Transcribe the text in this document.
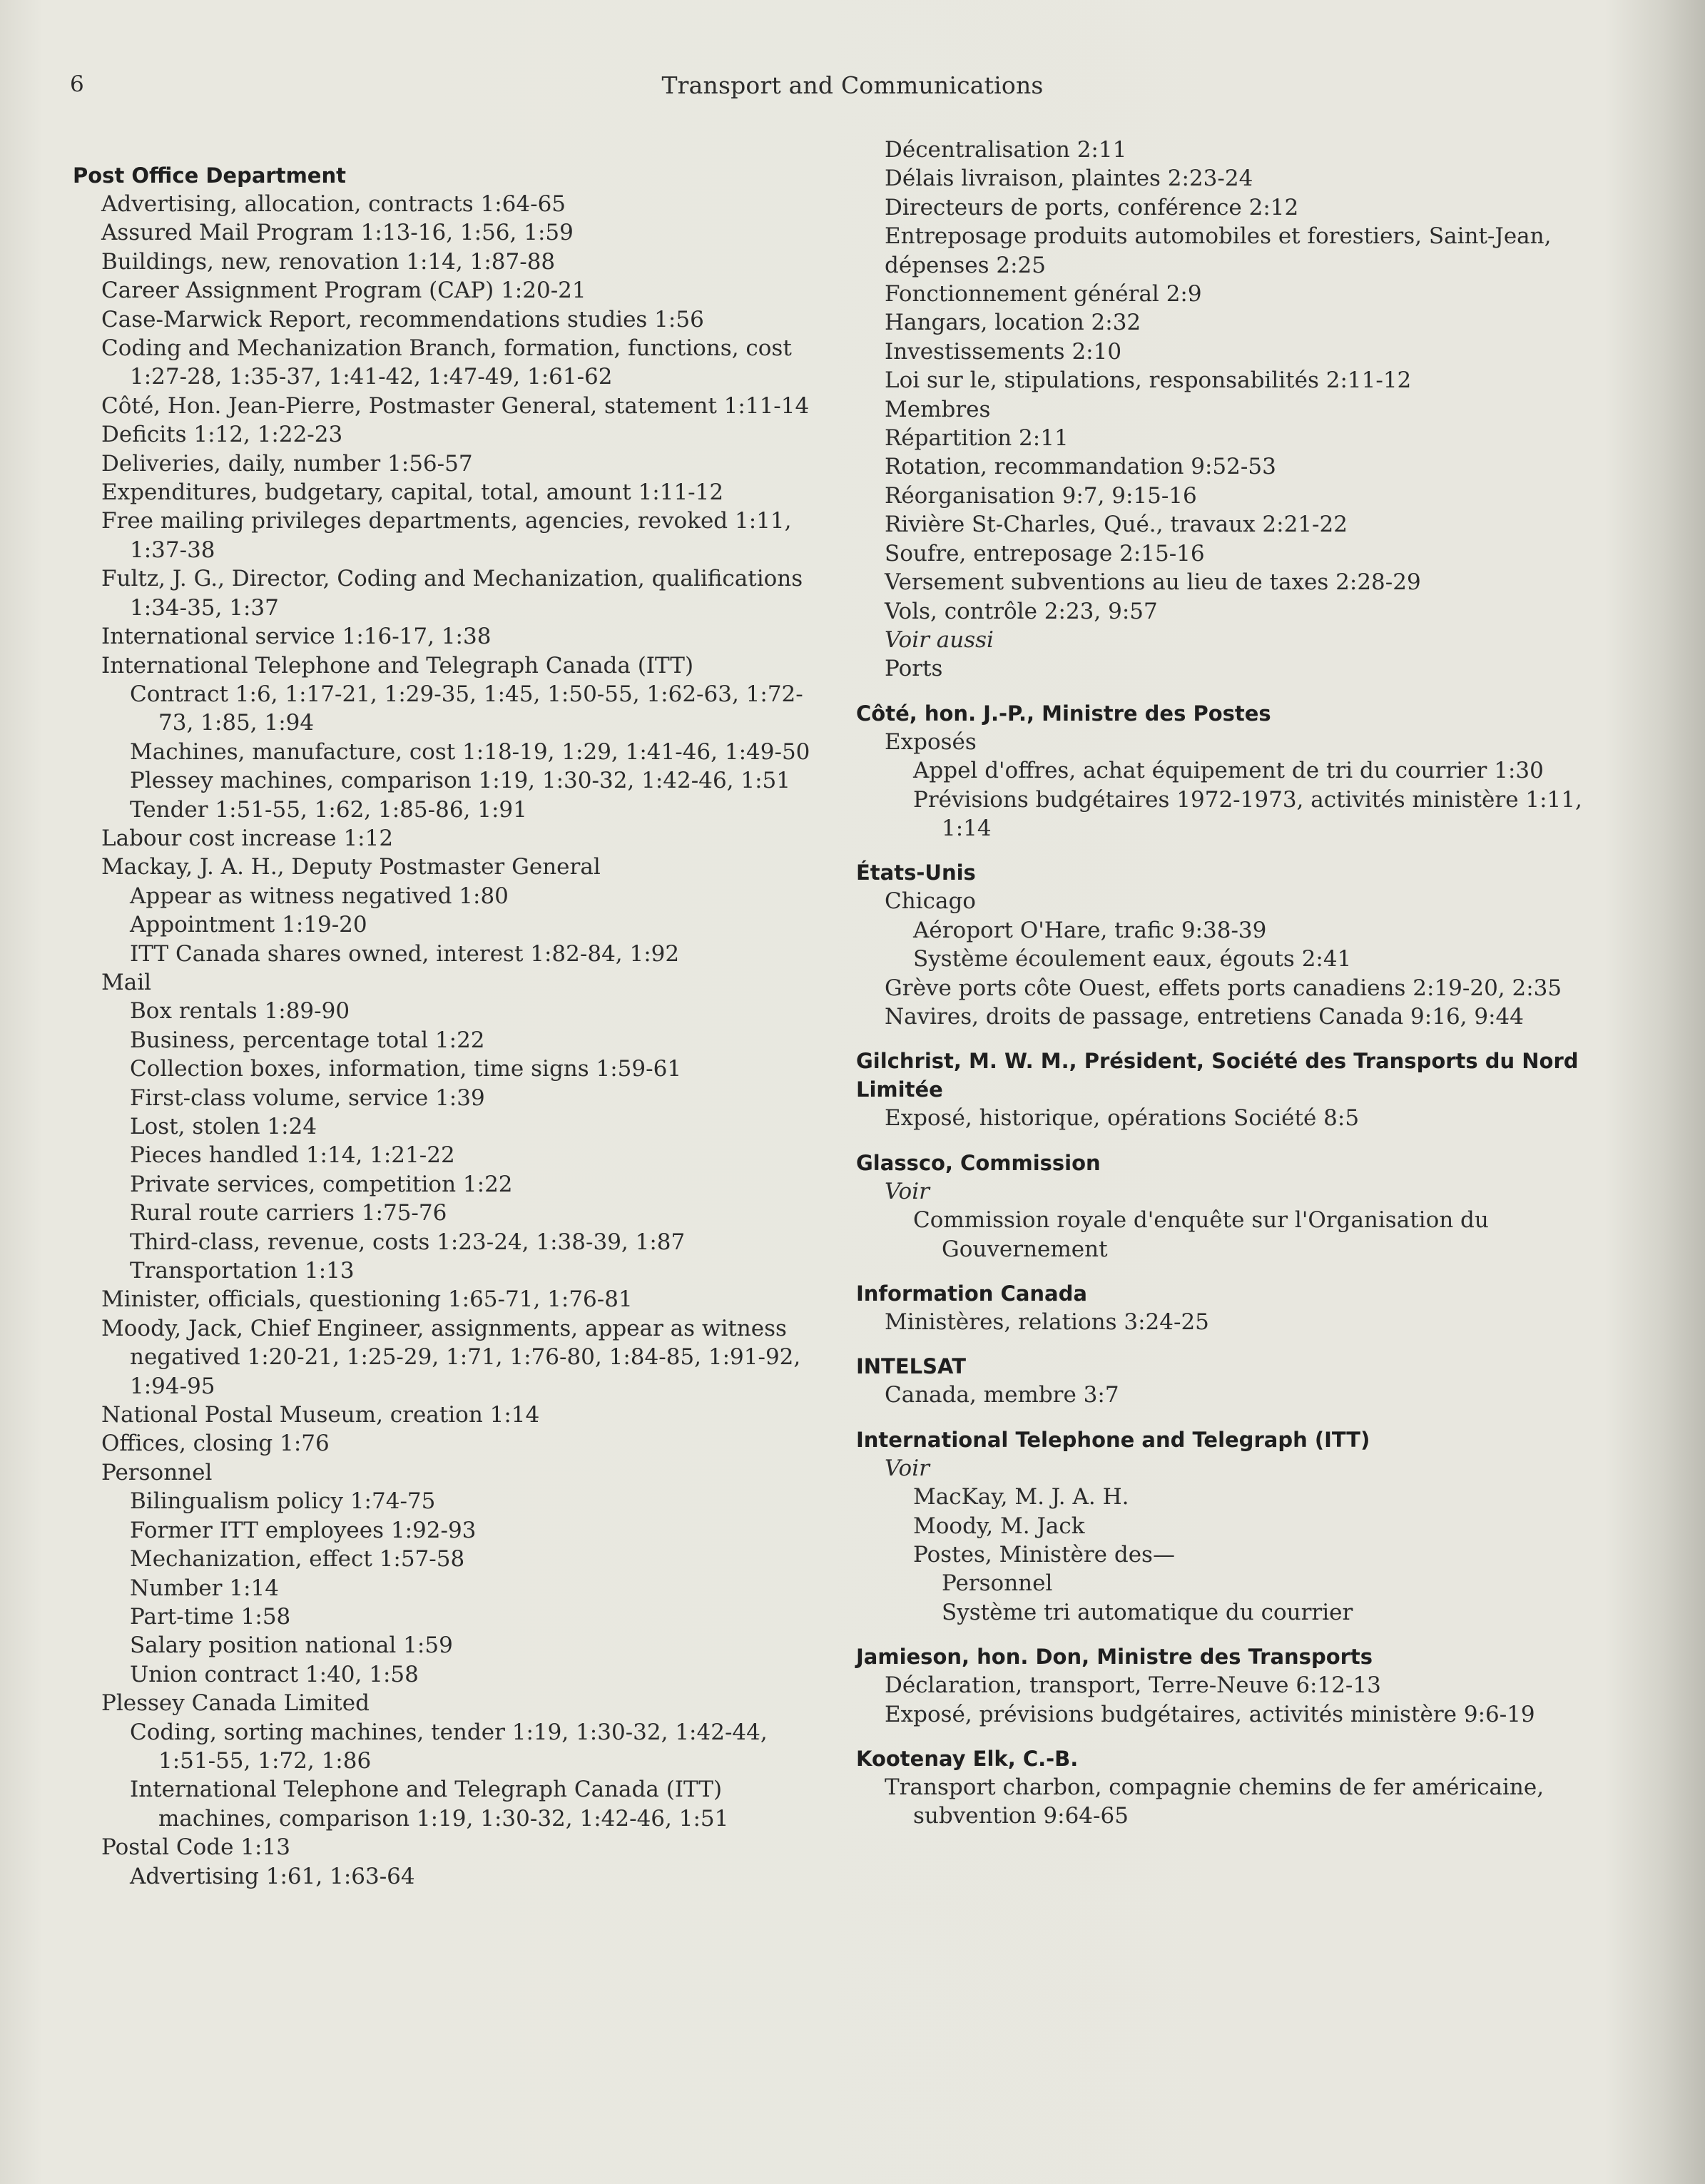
6	Transport and Communications

Post Office Department

Advertising, allocation, contracts 1:64-65

Assured Mail Program 1:13-16, 1:56, 1:59

Buildings, new, renovation 1:14, 1:87-88

Career Assignment Program (CAP) 1:20-21

Case-Marwick Report, recommendations studies 1:56

Coding and Mechanization Branch, formation, functions, cost 1:27-28, 1:35-37, 1:41-42, 1:47-49, 1:61-62

Côté, Hon. Jean-Pierre, Postmaster General, statement 1:11-14

Deficits 1:12, 1:22-23

Deliveries, daily, number 1:56-57

Expenditures, budgetary, capital, total, amount 1:11-12

Free mailing privileges departments, agencies, revoked 1:11, 1:37-38

Fultz, J. G., Director, Coding and Mechanization, qualifications 1:34-35, 1:37

International service 1:16-17, 1:38

International Telephone and Telegraph Canada (ITT)

Contract 1:6, 1:17-21, 1:29-35, 1:45, 1:50-55, 1:62-63, 1:72-73, 1:85, 1:94

Machines, manufacture, cost 1:18-19, 1:29, 1:41-46, 1:49-50

Plessey machines, comparison 1:19, 1:30-32, 1:42-46, 1:51

Tender 1:51-55, 1:62, 1:85-86, 1:91

Labour cost increase 1:12

Mackay, J. A. H., Deputy Postmaster General

Appear as witness negatived 1:80

Appointment 1:19-20

ITT Canada shares owned, interest 1:82-84, 1:92

Mail

Box rentals 1:89-90

Business, percentage total 1:22

Collection boxes, information, time signs 1:59-61

First-class volume, service 1:39

Lost, stolen 1:24

Pieces handled 1:14, 1:21-22

Private services, competition 1:22

Rural route carriers 1:75-76

Third-class, revenue, costs 1:23-24, 1:38-39, 1:87

Transportation 1:13

Minister, officials, questioning 1:65-71, 1:76-81

Moody, Jack, Chief Engineer, assignments, appear as witness negatived 1:20-21, 1:25-29, 1:71, 1:76-80, 1:84-85, 1:91-92, 1:94-95

National Postal Museum, creation 1:14

Offices, closing 1:76

Personnel

Bilingualism policy 1:74-75

Former ITT employees 1:92-93

Mechanization, effect 1:57-58

Number 1:14

Part-time 1:58

Salary position national 1:59

Union contract 1:40, 1:58

Plessey Canada Limited

Coding, sorting machines, tender 1:19, 1:30-32, 1:42-44, 1:51-55, 1:72, 1:86

International Telephone and Telegraph Canada (ITT) machines, comparison 1:19, 1:30-32, 1:42-46, 1:51

Postal Code 1:13

Advertising 1:61, 1:63-64

Décentralisation 2:11

Délais livraison, plaintes 2:23-24

Directeurs de ports, conférence 2:12

Entreposage produits automobiles et forestiers, Saint-Jean, dépenses 2:25

Fonctionnement général 2:9

Hangars, location 2:32

Investissements 2:10

Loi sur le, stipulations, responsabilités 2:11-12

Membres

Répartition 2:11

Rotation, recommandation 9:52-53

Réorganisation 9:7, 9:15-16

Rivière St-Charles, Qué., travaux 2:21-22

Soufre, entreposage 2:15-16

Versement subventions au lieu de taxes 2:28-29

Vols, contrôle 2:23, 9:57

Voir aussi

Ports

Côté, hon. J.-P., Ministre des Postes

Exposés

Appel d'offres, achat équipement de tri du courrier 1:30

Prévisions budgétaires 1972-1973, activités ministère 1:11, 1:14

États-Unis

Chicago

Aéroport O'Hare, trafic 9:38-39

Système écoulement eaux, égouts 2:41

Grève ports côte Ouest, effets ports canadiens 2:19-20, 2:35

Navires, droits de passage, entretiens Canada 9:16, 9:44

Gilchrist, M. W. M., Président, Société des Transports du Nord Limitée

Exposé, historique, opérations Société 8:5

Glassco, Commission

Voir

Commission royale d'enquête sur l'Organisation du Gouvernement

Information Canada

Ministères, relations 3:24-25

INTELSAT

Canada, membre 3:7

International Telephone and Telegraph (ITT)

Voir

MacKay, M. J. A. H.

Moody, M. Jack

Postes, Ministère des—

Personnel

Système tri automatique du courrier

Jamieson, hon. Don, Ministre des Transports

Déclaration, transport, Terre-Neuve 6:12-13

Exposé, prévisions budgétaires, activités ministère 9:6-19

Kootenay Elk, C.-B.

Transport charbon, compagnie chemins de fer américaine, subvention 9:64-65
